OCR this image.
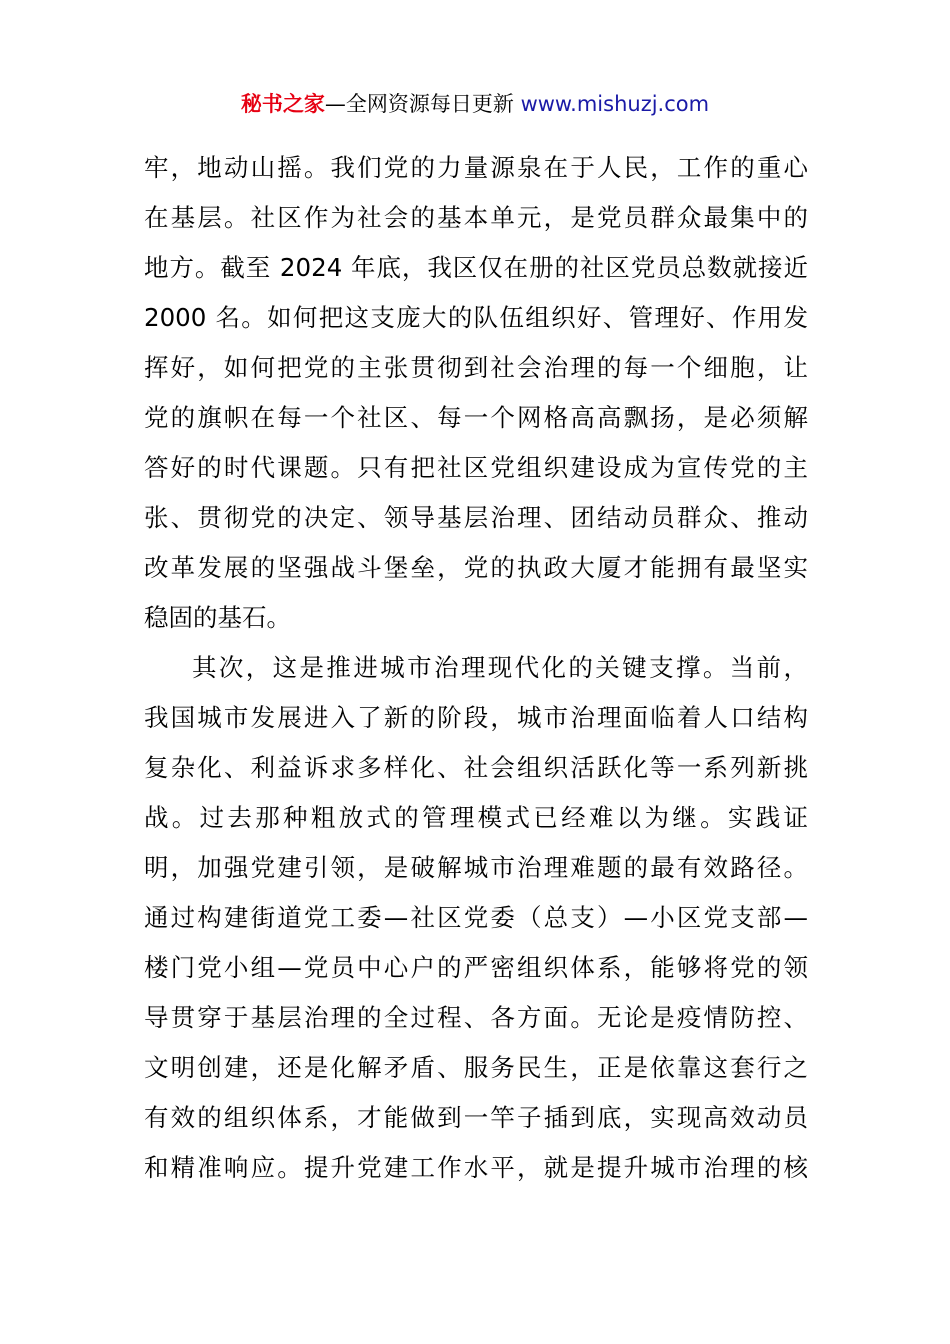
秘书之家—全网资源每日更新 www.mishuzj.com
牢，地动山摇。我们党的力量源泉在于人民，工作的重心
在基层。社区作为社会的基本单元，是党员群众最集中的
地方。截至 2024 年底，我区仅在册的社区党员总数就接近
2000 名。如何把这支庞大的队伍组织好、管理好、作用发
挥好，如何把党的主张贯彻到社会治理的每一个细胞，让
党的旗帜在每一个社区、每一个网格高高飘扬，是必须解
答好的时代课题。只有把社区党组织建设成为宣传党的主
张、贯彻党的决定、领导基层治理、团结动员群众、推动
改革发展的坚强战斗堡垒，党的执政大厦才能拥有最坚实
稳固的基石。
其次，这是推进城市治理现代化的关键支撑。当前，
我国城市发展进入了新的阶段，城市治理面临着人口结构
复杂化、利益诉求多样化、社会组织活跃化等一系列新挑
战。过去那种粗放式的管理模式已经难以为继。实践证
明，加强党建引领，是破解城市治理难题的最有效路径。
通过构建街道党工委—社区党委（总支）—小区党支部—
楼门党小组—党员中心户的严密组织体系，能够将党的领
导贯穿于基层治理的全过程、各方面。无论是疫情防控、
文明创建，还是化解矛盾、服务民生，正是依靠这套行之
有效的组织体系，才能做到一竿子插到底，实现高效动员
和精准响应。提升党建工作水平，就是提升城市治理的核
